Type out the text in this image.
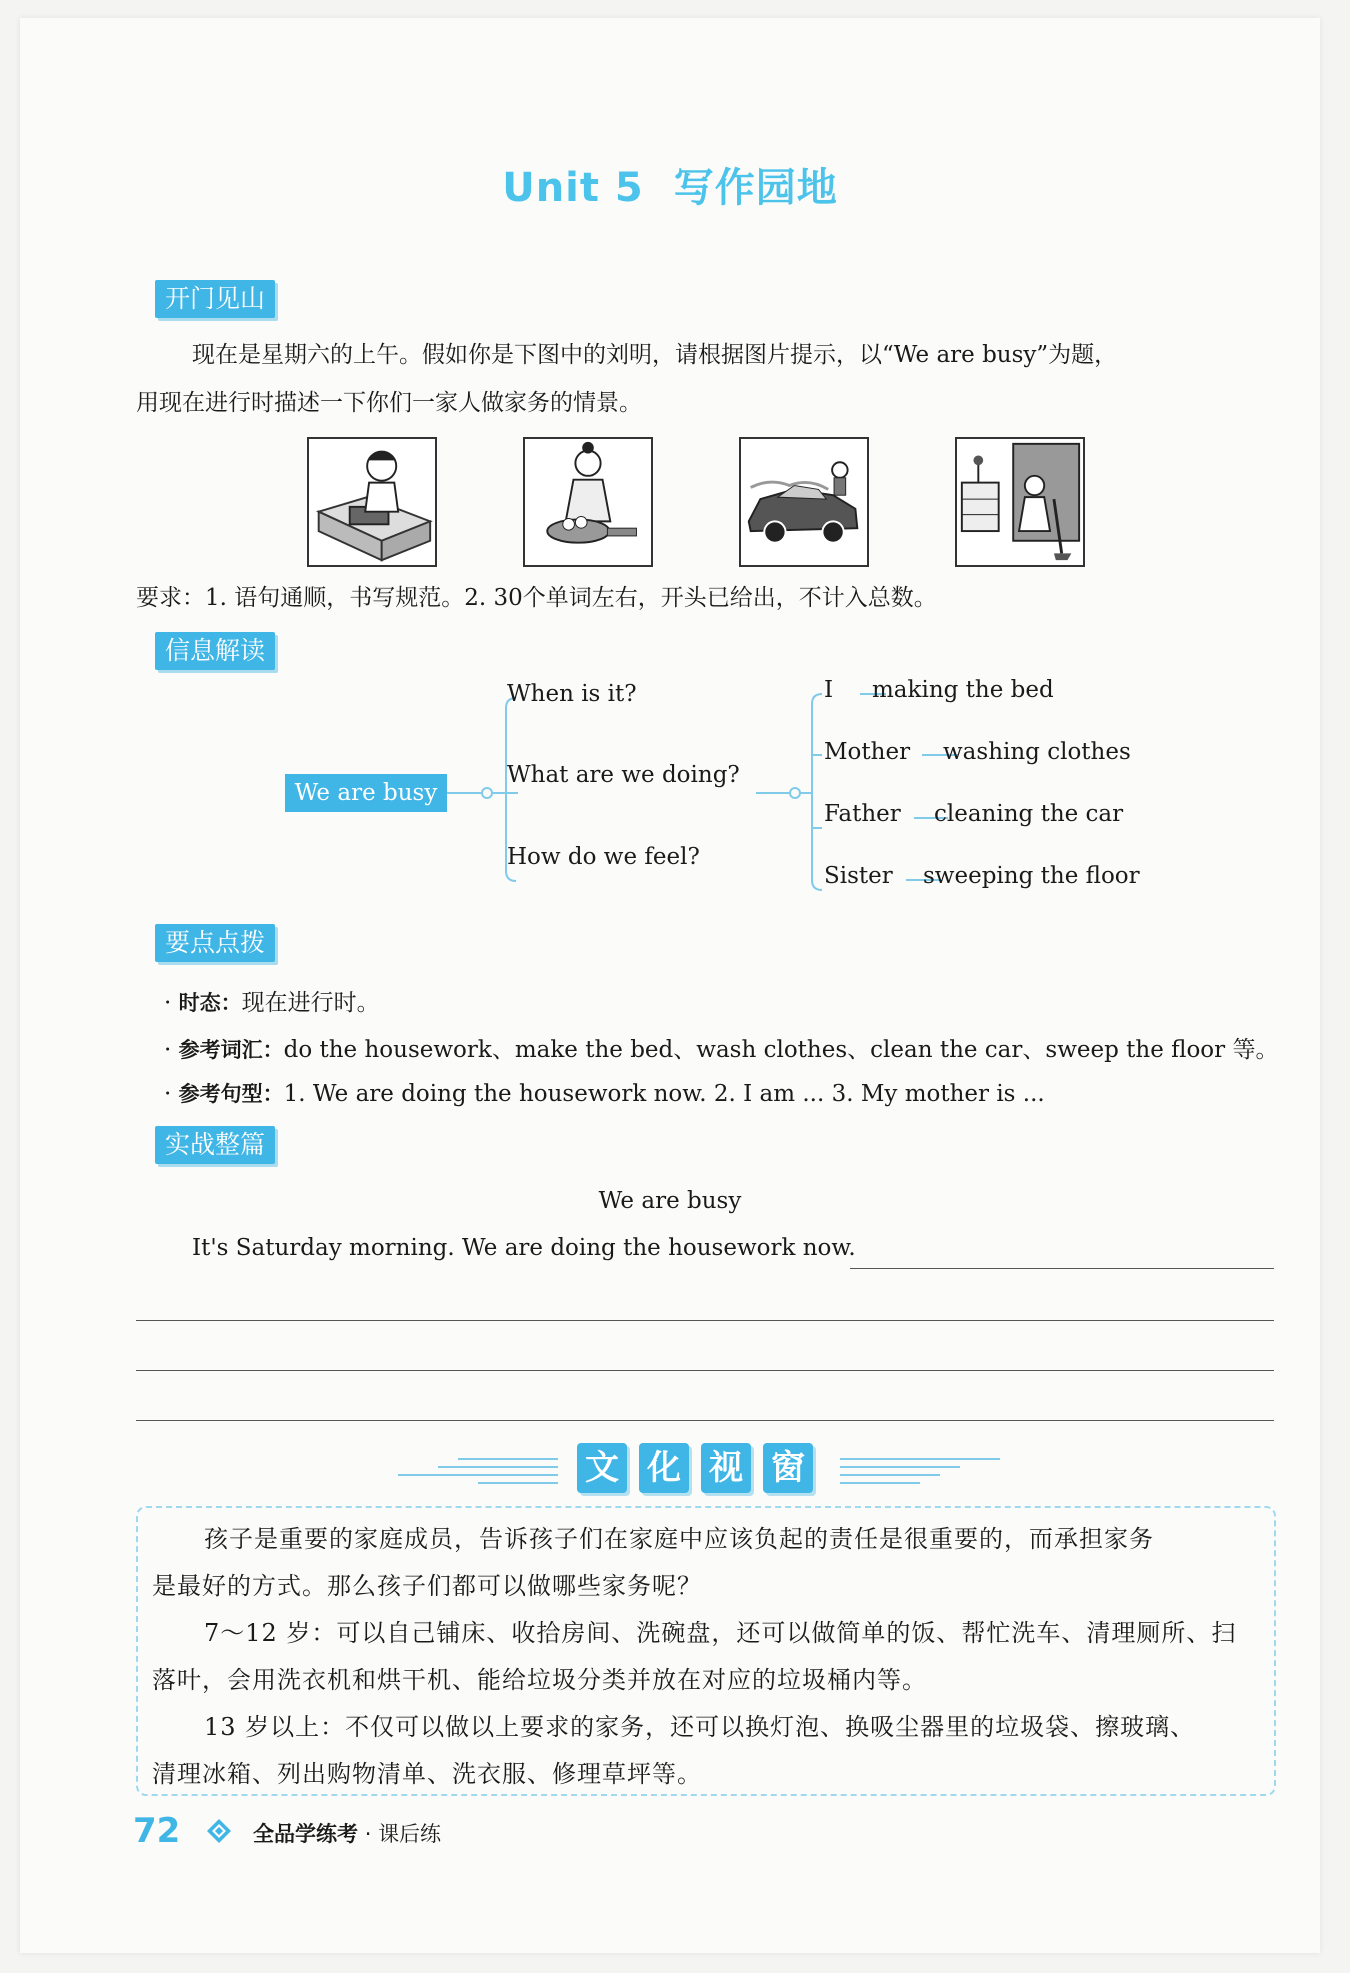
Unit 5 写作园地
开门见山
现在是星期六的上午。假如你是下图中的刘明，请根据图片提示，以“We are busy”为题，
用现在进行时描述一下你们一家人做家务的情景。
要求：1. 语句通顺，书写规范。2. 30个单词左右，开头已给出，不计入总数。
信息解读
We are busy
When is it?
What are we doing?
How do we feel?
I making the bed
Mother washing clothes
Father cleaning the car
Sister sweeping the floor
要点点拨
· 时态：现在进行时。
· 参考词汇：do the housework、make the bed、wash clothes、clean the car、sweep the floor 等。
· 参考句型：1. We are doing the housework now. 2. I am ... 3. My mother is ...
实战整篇
We are busy
It's Saturday morning. We are doing the housework now.
文 化 视 窗
孩子是重要的家庭成员，告诉孩子们在家庭中应该负起的责任是很重要的，而承担家务
是最好的方式。那么孩子们都可以做哪些家务呢？
7～12 岁：可以自己铺床、收拾房间、洗碗盘，还可以做简单的饭、帮忙洗车、清理厕所、扫
落叶，会用洗衣机和烘干机、能给垃圾分类并放在对应的垃圾桶内等。
13 岁以上：不仅可以做以上要求的家务，还可以换灯泡、换吸尘器里的垃圾袋、擦玻璃、
清理冰箱、列出购物清单、洗衣服、修理草坪等。
72	全品学练考 · 课后练
